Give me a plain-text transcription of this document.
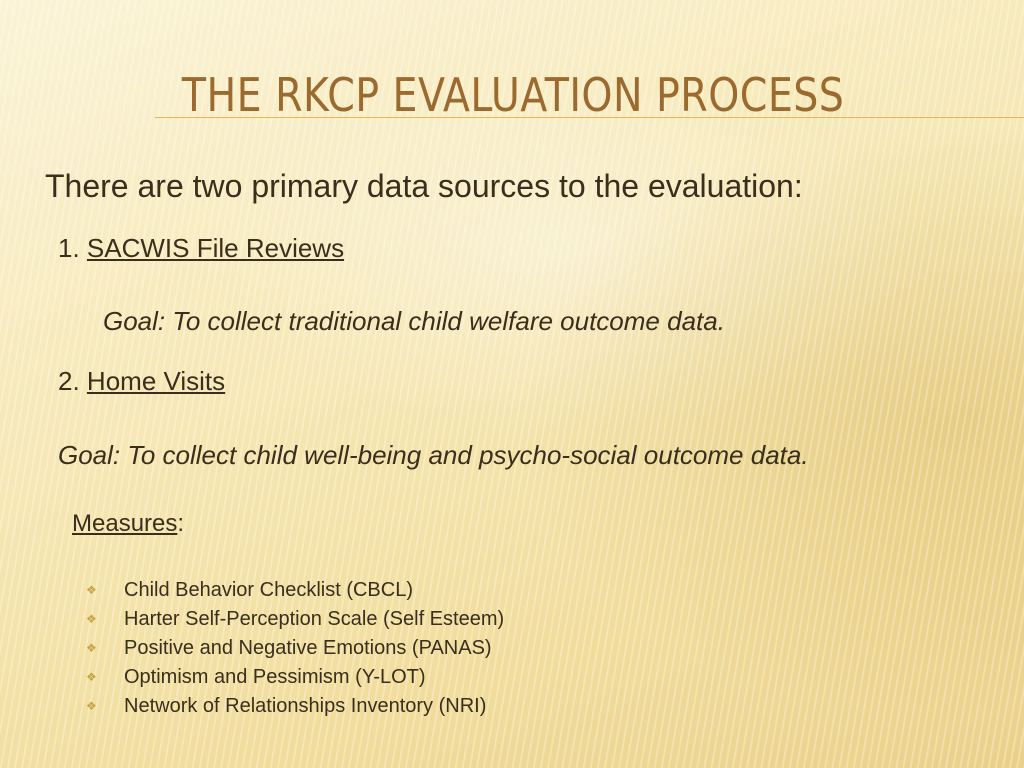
THE RKCP EVALUATION PROCESS

There are two primary data sources to the evaluation:

1. SACWIS File Reviews

Goal: To collect traditional child welfare outcome data.

2. Home Visits

Goal: To collect child well-being and psycho-social outcome data.

Measures:

❖	Child Behavior Checklist (CBCL)
❖	Harter Self-Perception Scale (Self Esteem)
❖	Positive and Negative Emotions (PANAS)
❖	Optimism and Pessimism (Y-LOT)
❖	Network of Relationships Inventory (NRI)
